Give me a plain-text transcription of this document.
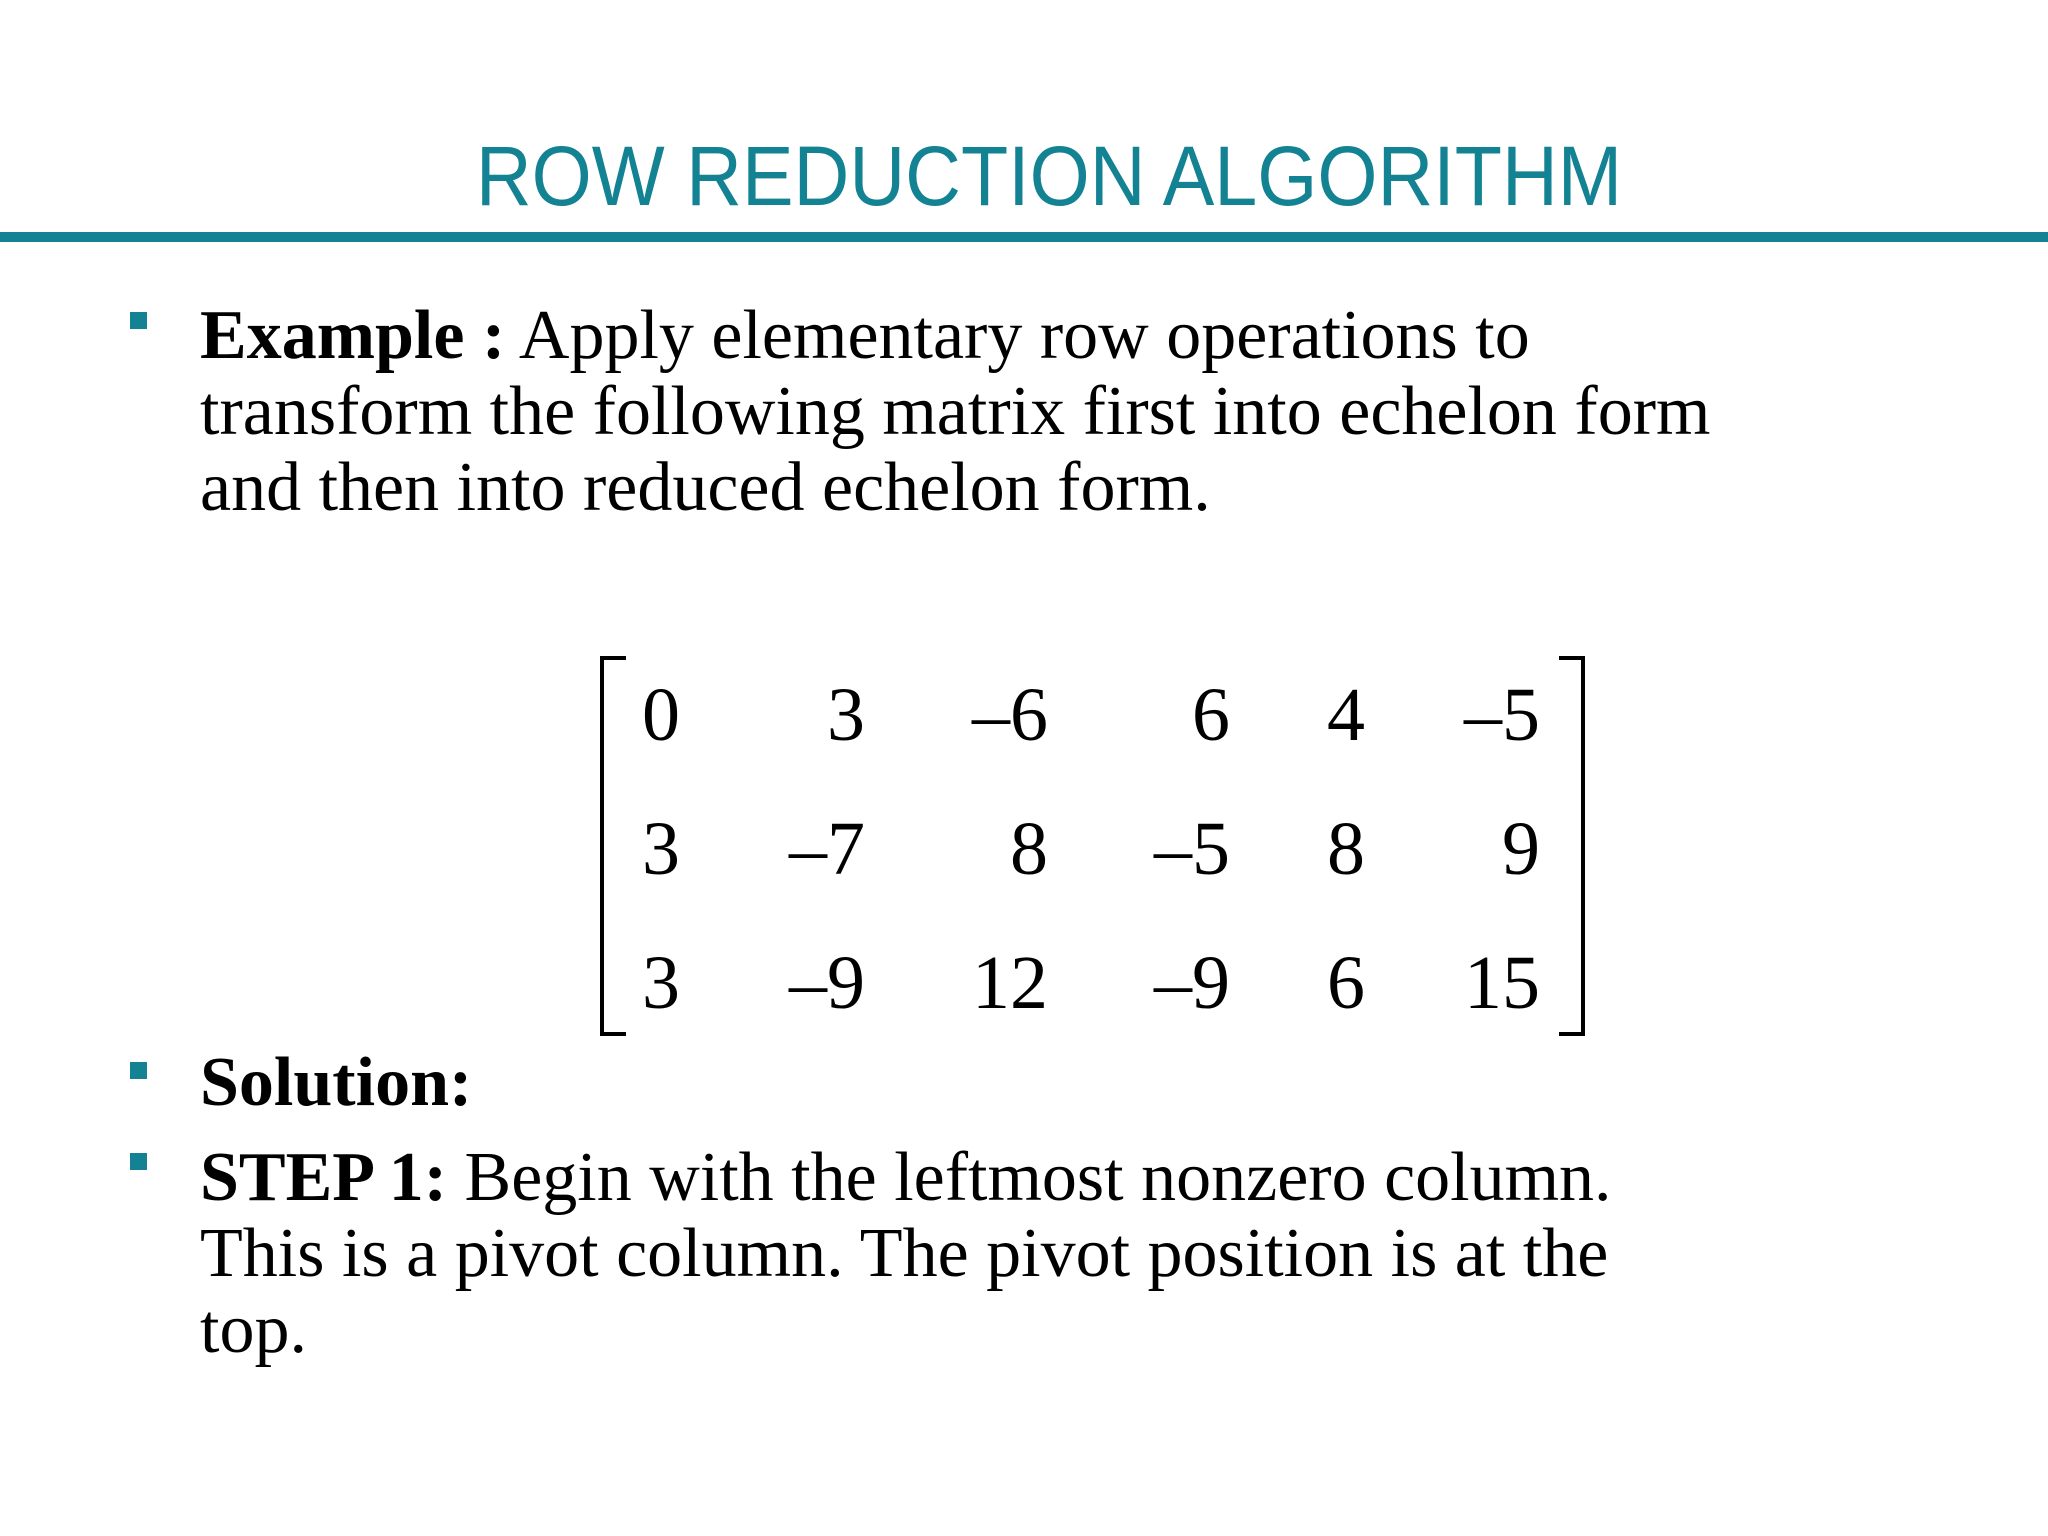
ROW REDUCTION ALGORITHM
Example : Apply elementary row operations to
transform the following matrix first into echelon form
and then into reduced echelon form.
0	3	–6	6	4	–5
3	–7	8	–5	8	9
3	–9	12	–9	6	15
Solution:
STEP 1: Begin with the leftmost nonzero column.
This is a pivot column. The pivot position is at the
top.
